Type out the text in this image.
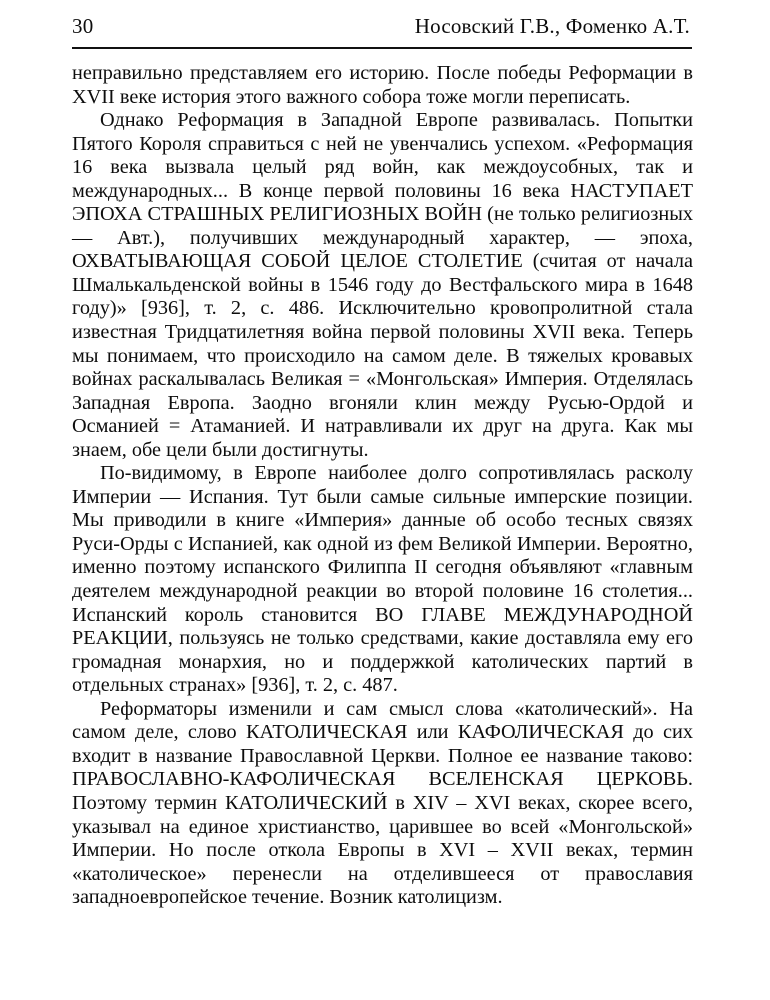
30	Носовский Г.В., Фоменко А.Т.

неправильно представляем его историю. После победы Реформации в XVII веке история этого важного собора тоже могли переписать.

Однако Реформация в Западной Европе развивалась. Попытки Пятого Короля справиться с ней не увенчались успехом. «Реформация 16 века вызвала целый ряд войн, как междоусобных, так и международных... В конце первой половины 16 века НАСТУПАЕТ ЭПОХА СТРАШНЫХ РЕЛИГИОЗНЫХ ВОЙН (не только религиозных — Авт.), получивших международный характер, — эпоха, ОХВАТЫВАЮЩАЯ СОБОЙ ЦЕЛОЕ СТОЛЕТИЕ (считая от начала Шмалькальденской войны в 1546 году до Вестфальского мира в 1648 году)» [936], т. 2, с. 486. Исключительно кровопролитной стала известная Тридцатилетняя война первой половины XVII века. Теперь мы понимаем, что происходило на самом деле. В тяжелых кровавых войнах раскалывалась Великая = «Монгольская» Империя. Отделялась Западная Европа. Заодно вгоняли клин между Русью-Ордой и Османией = Атаманией. И натравливали их друг на друга. Как мы знаем, обе цели были достигнуты.

По-видимому, в Европе наиболее долго сопротивлялась расколу Империи — Испания. Тут были самые сильные имперские позиции. Мы приводили в книге «Империя» данные об особо тесных связях Руси-Орды с Испанией, как одной из фем Великой Империи. Вероятно, именно поэтому испанского Филиппа II сегодня объявляют «главным деятелем международной реакции во второй половине 16 столетия... Испанский король становится ВО ГЛАВЕ МЕЖДУНАРОДНОЙ РЕАКЦИИ, пользуясь не только средствами, какие доставляла ему его громадная монархия, но и поддержкой католических партий в отдельных странах» [936], т. 2, с. 487.

Реформаторы изменили и сам смысл слова «католический». На самом деле, слово КАТОЛИЧЕСКАЯ или КАФОЛИЧЕСКАЯ до сих входит в название Православной Церкви. Полное ее название таково: ПРАВОСЛАВНО-КАФОЛИЧЕСКАЯ ВСЕЛЕНСКАЯ ЦЕРКОВЬ. Поэтому термин КАТОЛИЧЕСКИЙ в XIV – XVI веках, скорее всего, указывал на единое христианство, царившее во всей «Монгольской» Империи. Но после откола Европы в XVI – XVII веках, термин «католическое» перенесли на отделившееся от православия западноевропейское течение. Возник католицизм.
